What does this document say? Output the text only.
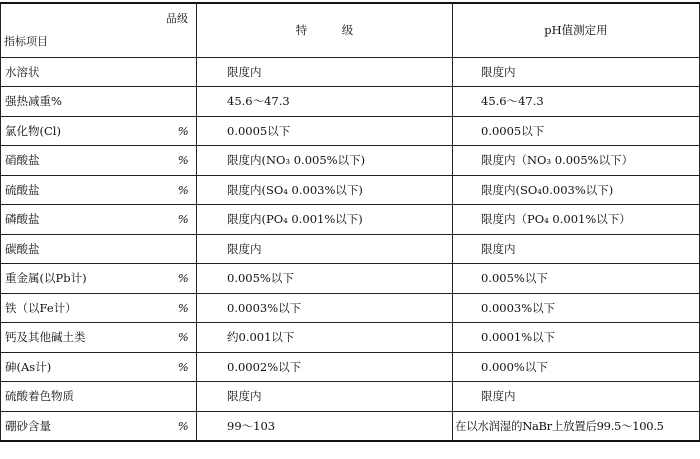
品级
指标项目		特　　　级	pH值测定用
水溶状		限度内	限度内
强热减重%		45.6～47.3	45.6～47.3
氯化物(Cl)	%	0.0005以下	0.0005以下
硝酸盐	%	限度内(NO₃ 0.005%以下)	限度内（NO₃ 0.005%以下）
硫酸盐	%	限度内(SO₄ 0.003%以下)	限度内(SO₄0.003%以下)
磷酸盐	%	限度内(PO₄ 0.001%以下)	限度内（PO₄ 0.001%以下）
碳酸盐		限度内	限度内
重金属(以Pb计)	%	0.005%以下	0.005%以下
铁（以Fe计）	%	0.0003%以下	0.0003%以下
钙及其他碱土类	%	约0.001以下	0.0001%以下
砷(As计)	%	0.0002%以下	0.000%以下
硫酸着色物质		限度内	限度内
硼砂含量	%	99～103	在以水润湿的NaBr上放置后99.5～100.5
